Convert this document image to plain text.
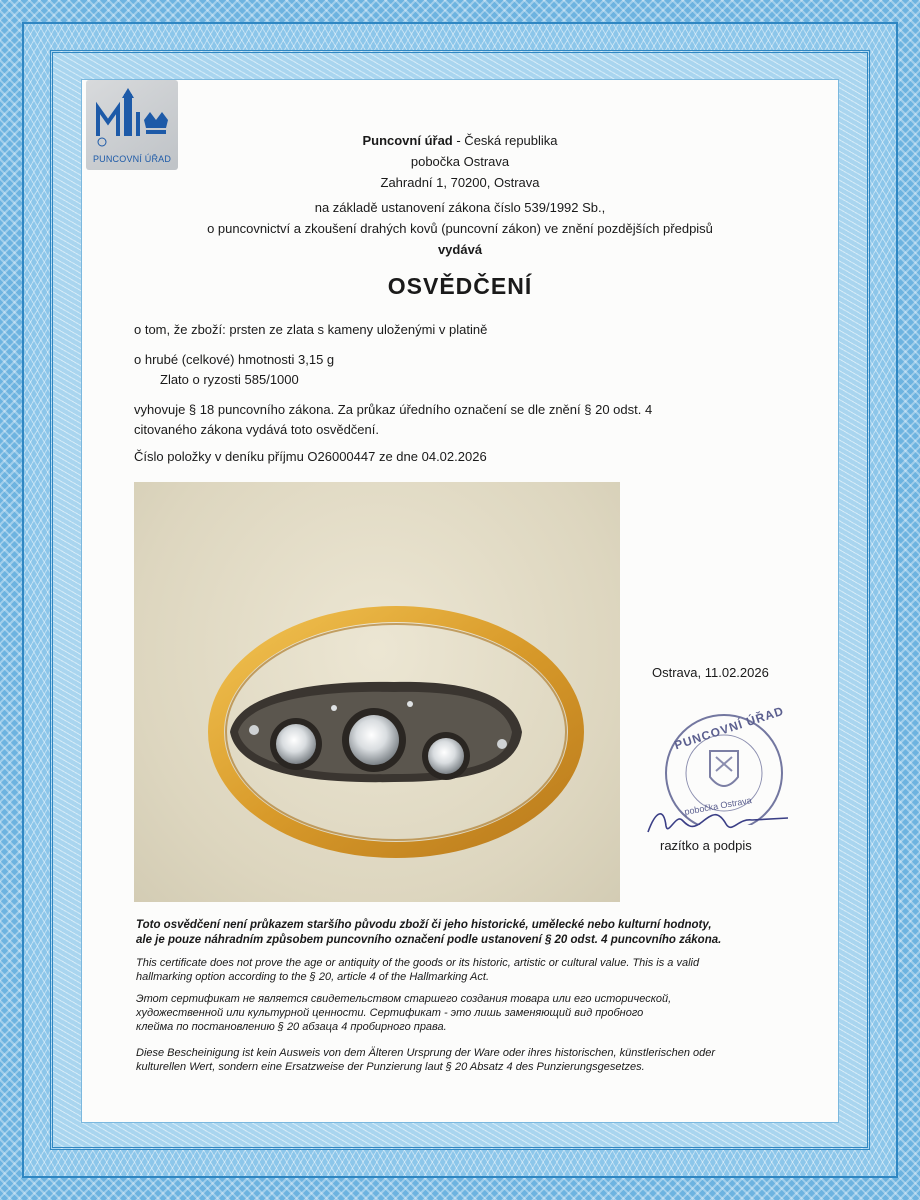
PUNCOVNÍ ÚŘAD
Puncovní úřad - Česká republika
pobočka Ostrava
Zahradní 1, 70200, Ostrava
na základě ustanovení zákona číslo 539/1992 Sb.,
o puncovnictví a zkoušení drahých kovů (puncovní zákon) ve znění pozdějších předpisů
vydává
OSVĚDČENÍ
o tom, že zboží: prsten ze zlata s kameny uloženými v platině
o hrubé (celkové) hmotnosti 3,15 g
Zlato o ryzosti 585/1000
vyhovuje § 18 puncovního zákona. Za průkaz úředního označení se dle znění § 20 odst. 4
citovaného zákona vydává toto osvědčení.
Číslo položky v deníku příjmu O26000447 ze dne 04.02.2026
Ostrava, 11.02.2026
PUNCOVNÍ ÚŘAD
pobočka Ostrava
razítko a podpis
Toto osvědčení není průkazem staršího původu zboží či jeho historické, umělecké nebo kulturní hodnoty,
ale je pouze náhradním způsobem puncovního označení podle ustanovení § 20 odst. 4 puncovního zákona.
This certificate does not prove the age or antiquity of the goods or its historic, artistic or cultural value. This is a valid
hallmarking option according to the § 20, article 4 of the Hallmarking Act.
Этот сертификат не является свидетельством старшего создания товара или его исторической,
художественной или культурной ценности. Сертификат - это лишь заменяющий вид пробного
клейма по постановлению § 20 абзаца 4 пробирного права.
Diese Bescheinigung ist kein Ausweis von dem Älteren Ursprung der Ware oder ihres historischen, künstlerischen oder
kulturellen Wert, sondern eine Ersatzweise der Punzierung laut § 20 Absatz 4 des Punzierungsgesetzes.
